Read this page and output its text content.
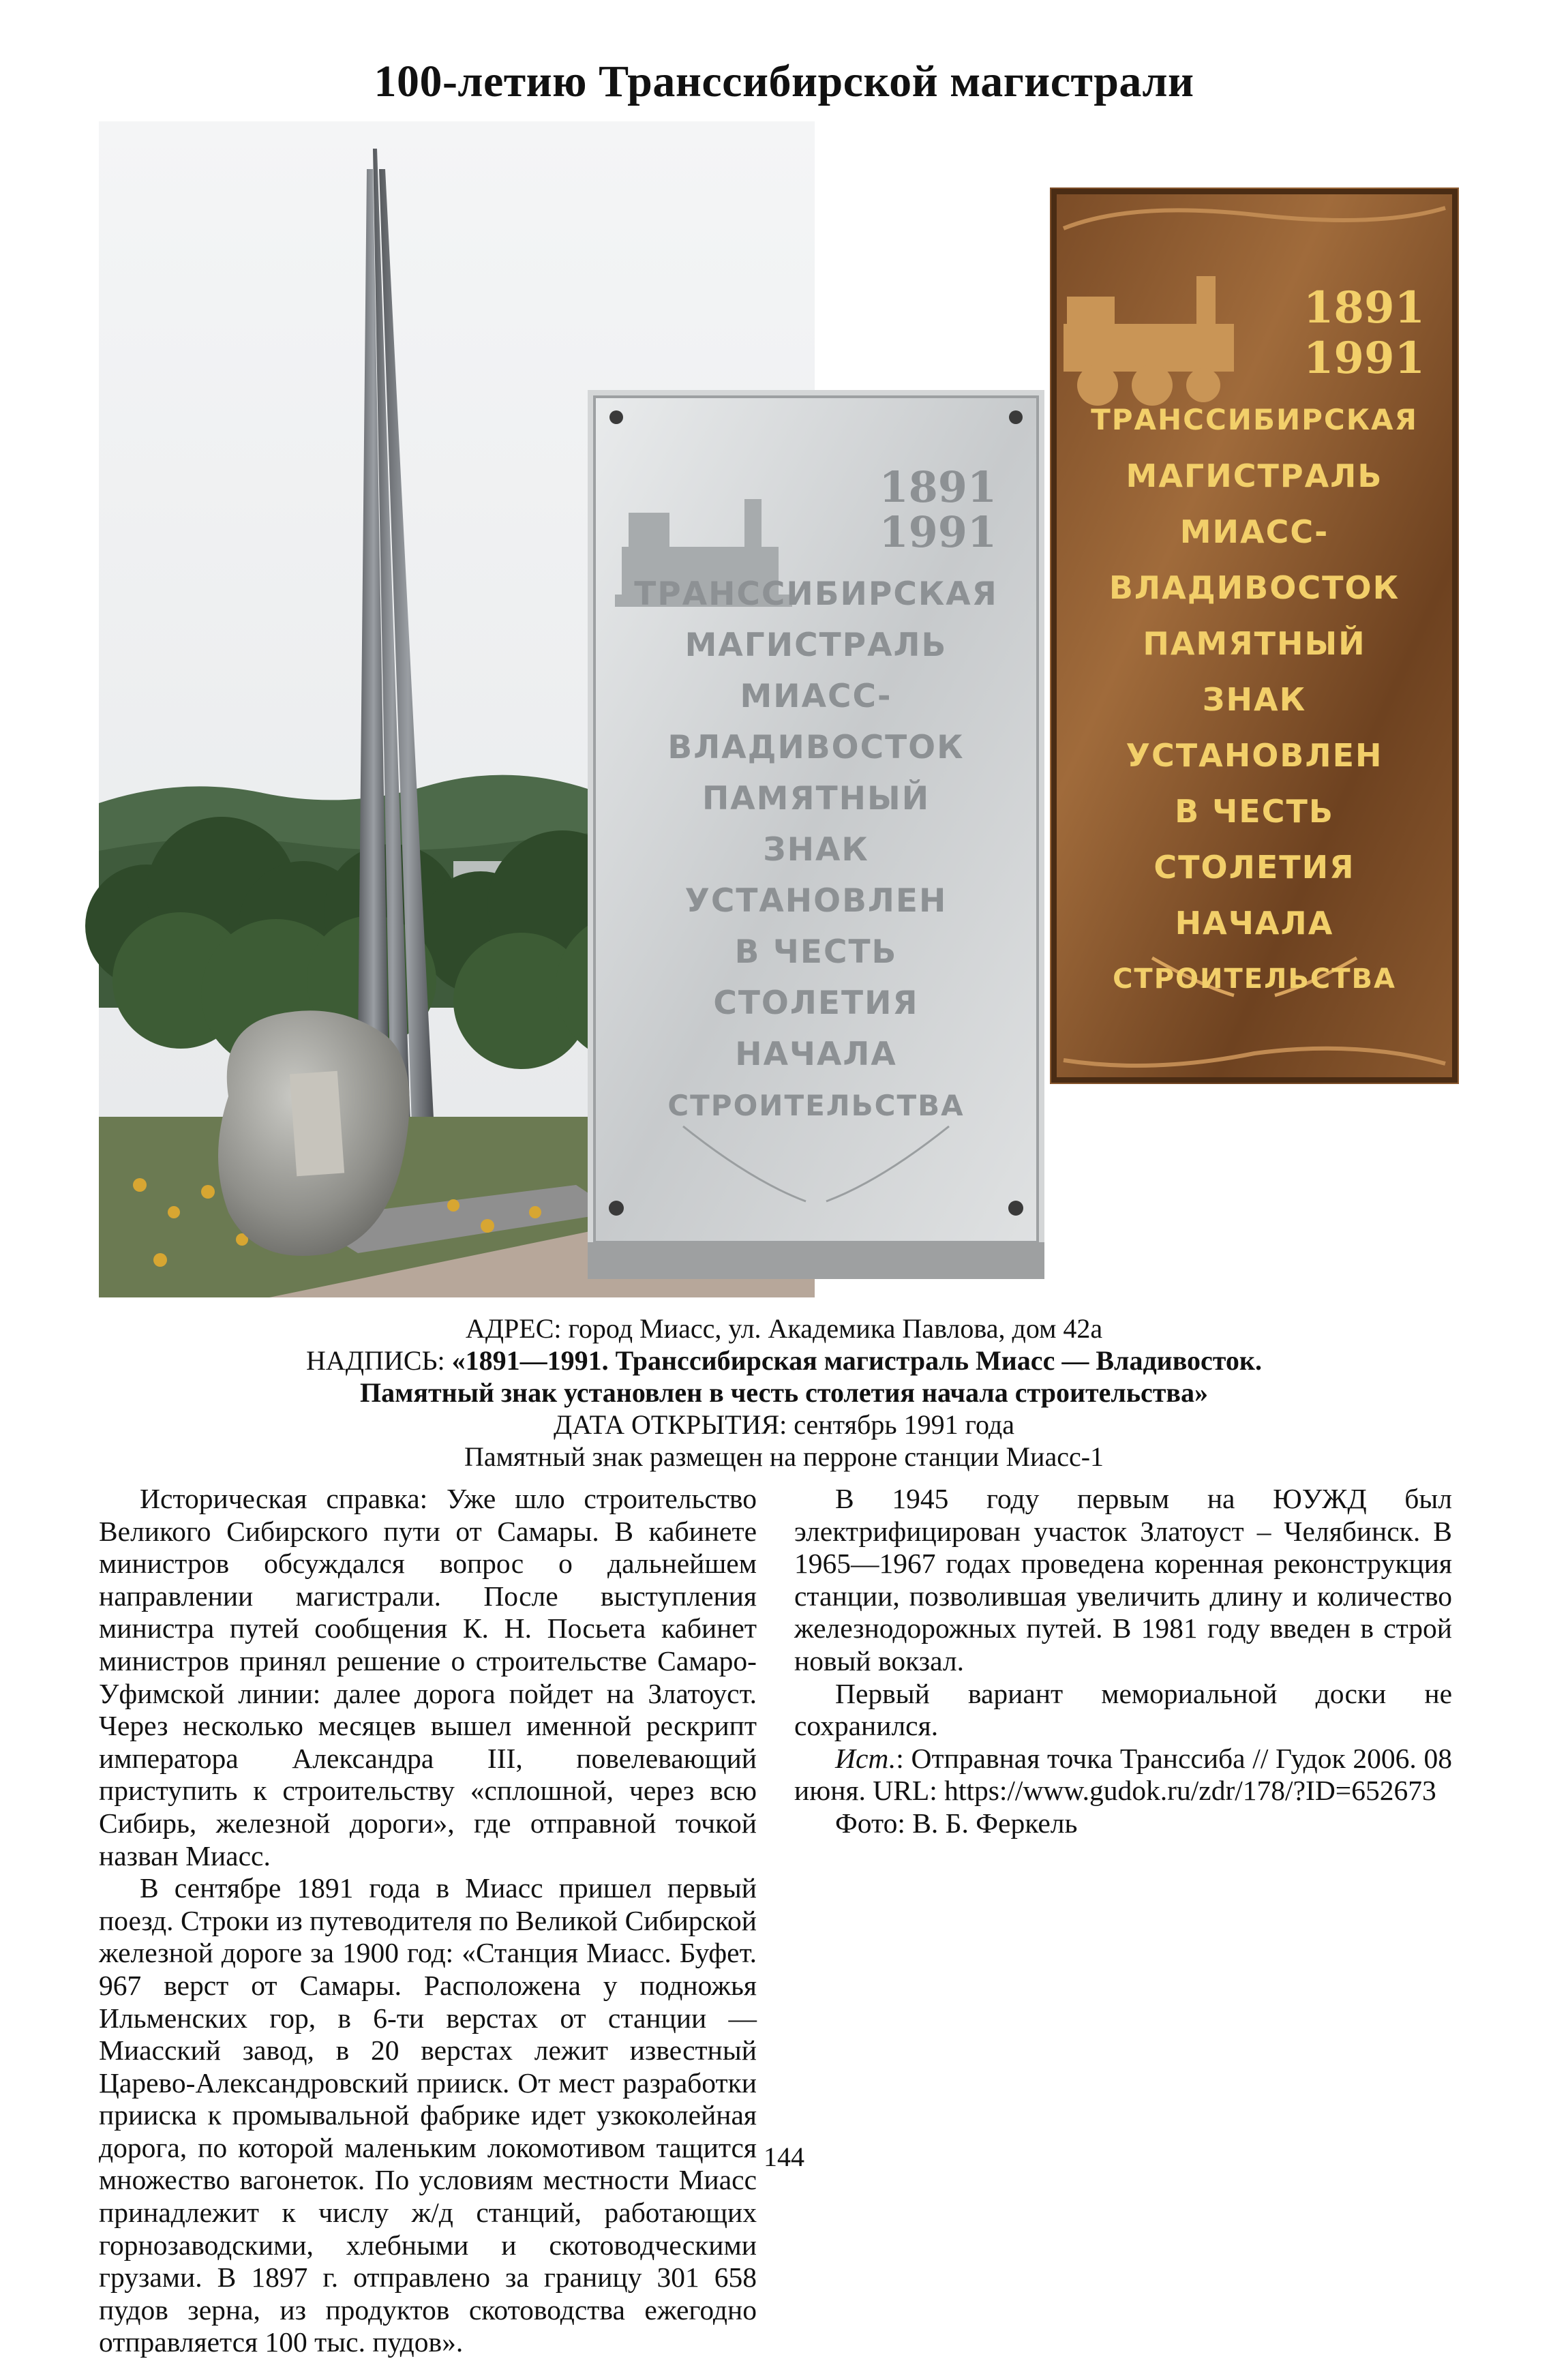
100-летию Транссибирской магистрали
1891
1991
ТРАНССИБИРСКАЯ
МАГИСТРАЛЬ
МИАСС-
ВЛАДИВОСТОК
ПАМЯТНЫЙ
ЗНАК
УСТАНОВЛЕН
В ЧЕСТЬ
СТОЛЕТИЯ
НАЧАЛА
СТРОИТЕЛЬСТВА
1891
1991
ТРАНССИБИРСКАЯ
МАГИСТРАЛЬ
МИАСС-
ВЛАДИВОСТОК
ПАМЯТНЫЙ
ЗНАК
УСТАНОВЛЕН
В ЧЕСТЬ
СТОЛЕТИЯ
НАЧАЛА
СТРОИТЕЛЬСТВА
АДРЕС: город Миасс, ул. Академика Павлова, дом 42а
НАДПИСЬ: «1891—1991. Транссибирская магистраль Миасс — Владивосток.
Памятный знак установлен в честь столетия начала строительства»
ДАТА ОТКРЫТИЯ: сентябрь 1991 года
Памятный знак размещен на перроне станции Миасс-1

Историческая справка: Уже шло строительство Великого Сибирского пути от Самары. В кабинете министров обсуждался вопрос о дальнейшем направлении магистрали. После выступления министра путей сообщения К. Н. Посьета кабинет министров принял решение о строительстве Самаро-Уфимской линии: далее дорога пойдет на Златоуст. Через несколько месяцев вышел именной рескрипт императора Александра III, повелевающий приступить к строительству «сплошной, через всю Сибирь, железной дороги», где отправной точкой назван Миасс.

В сентябре 1891 года в Миасс пришел первый поезд. Строки из путеводителя по Великой Сибирской железной дороге за 1900 год: «Станция Миасс. Буфет. 967 верст от Самары. Расположена у подножья Ильменских гор, в 6-ти верстах от станции — Миасский завод, в 20 верстах лежит известный Царево-Александровский прииск. От мест разработки прииска к промывальной фабрике идет узкоколейная дорога, по которой маленьким локомотивом тащится множество вагонеток. По условиям местности Миасс принадлежит к числу ж/д станций, работающих горнозаводскими, хлебными и скотоводческими грузами. В 1897 г. отправлено за границу 301 658 пудов зерна, из продуктов скотоводства ежегодно отправляется 100 тыс. пудов».

В 1945 году первым на ЮУЖД был электрифицирован участок Златоуст – Челябинск. В 1965—1967 годах проведена коренная реконструкция станции, позволившая увеличить длину и количество железнодорожных путей. В 1981 году введен в строй новый вокзал.

Первый вариант мемориальной доски не сохранился.

Ист.: Отправная точка Транссиба // Гудок 2006. 08 июня. URL: https://www.gudok.ru/zdr/178/?ID=652673

Фото: В. Б. Феркель

144
